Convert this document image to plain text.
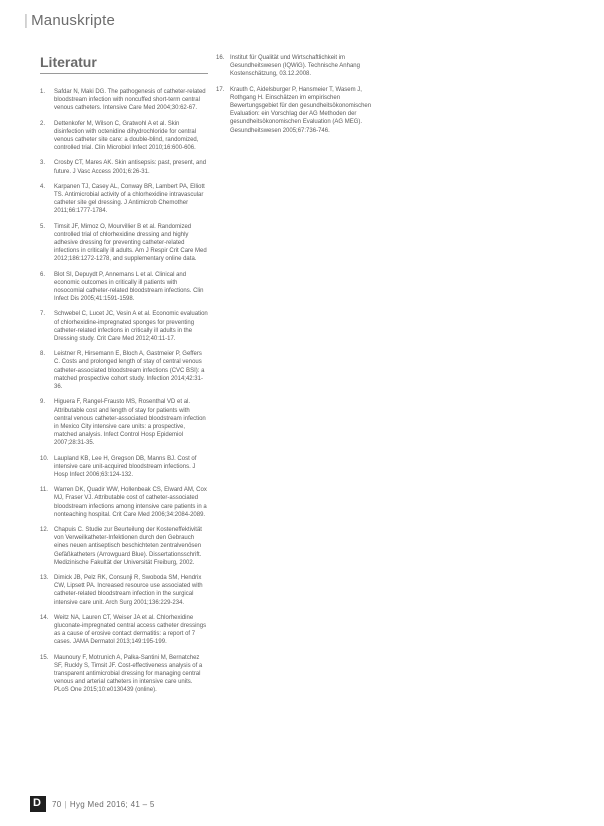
| Manuskripte
Literatur
1.	Safdar N, Maki DG. The pathogenesis of catheter-related bloodstream infection with noncuffed short-term central venous catheters. Intensive Care Med 2004;30:62-67.
2.	Dettenkofer M, Wilson C, Gratwohl A et al. Skin disinfection with octenidine dihydrochloride for central venous catheter site care: a double-blind, randomized, controlled trial. Clin Microbiol Infect 2010;16:600-606.
3.	Crosby CT, Mares AK. Skin antisepsis: past, present, and future. J Vasc Access 2001;6:26-31.
4.	Karpanen TJ, Casey AL, Conway BR, Lambert PA, Elliott TS. Antimicrobial activity of a chlorhexidine intravascular catheter site gel dressing. J Antimicrob Chemother 2011;66:1777-1784.
5.	Timsit JF, Mimoz O, Mourvillier B et al. Randomized controlled trial of chlorhexidine dressing and highly adhesive dressing for preventing catheter-related infections in critically ill adults. Am J Respir Crit Care Med 2012;186:1272-1278, and supplementary online data.
6.	Blot SI, Depuydt P, Annemans L et al. Clinical and economic outcomes in critically ill patients with nosocomial catheter-related bloodstream infections. Clin Infect Dis 2005;41:1591-1598.
7.	Schwebel C, Lucet JC, Vesin A et al. Economic evaluation of chlorhexidine-impregnated sponges for preventing catheter-related infections in critically ill adults in the Dressing study. Crit Care Med 2012;40:11-17.
8.	Leistner R, Hirsemann E, Bloch A, Gastmeier P, Geffers C. Costs and prolonged length of stay of central venous catheter-associated bloodstream infections (CVC BSI): a matched prospective cohort study. Infection 2014;42:31-36.
9.	Higuera F, Rangel-Frausto MS, Rosenthal VD et al. Attributable cost and length of stay for patients with central venous catheter-associated bloodstream infection in Mexico City intensive care units: a prospective, matched analysis. Infect Control Hosp Epidemiol 2007;28:31-35.
10. Laupland KB, Lee H, Gregson DB, Manns BJ. Cost of intensive care unit-acquired bloodstream infections. J Hosp Infect 2006;63:124-132.
11.	Warren DK, Quadir WW, Hollenbeak CS, Elward AM, Cox MJ, Fraser VJ. Attributable cost of catheter-associated bloodstream infections among intensive care patients in a nonteaching hospital. Crit Care Med 2006;34:2084-2089.
12. Chapuis C. Studie zur Beurteilung der Kosteneffektivität von Verweilkatheter-Infektionen durch den Gebrauch eines neuen antiseptisch beschichteten zentralvenösen Gefäßkatheters (Arrowguard Blue). Dissertationsschrift. Medizinische Fakultät der Universität Freiburg, 2002.
13. Dimick JB, Pelz RK, Consunji R, Swoboda SM, Hendrix CW, Lipsett PA. Increased resource use associated with catheter-related bloodstream infection in the surgical intensive care unit. Arch Surg 2001;136:229-234.
14. Weitz NA, Lauren CT, Weiser JA et al. Chlorhexidine gluconate-impregnated central access catheter dressings as a cause of erosive contact dermatitis: a report of 7 cases. JAMA Dermatol 2013;149:195-199.
15. Maunoury F, Motrunich A, Palka-Santini M, Bernatchez SF, Ruckly S, Timsit JF. Cost-effectiveness analysis of a transparent antimicrobial dressing for managing central venous and arterial catheters in intensive care units. PLoS One 2015;10:e0130439 (online).
16. Institut für Qualität und Wirtschaftlichkeit im Gesundheitswesen (IQWiG). Technische Anhang Kostenschätzung, 03.12.2008.
17. Krauth C, Aidelsburger P, Hansmeier T, Wasem J, Rothgang H. Einschätzen im empirischen Bewertungsgebiet für den gesundheitsökonomischen Evaluation: ein Vorschlag der AG Methoden der gesundheitsökonomischen Evaluation (AG MEG). Gesundheitswesen 2005;67:736-746.
D 70 | Hyg Med 2016; 41 – 5
